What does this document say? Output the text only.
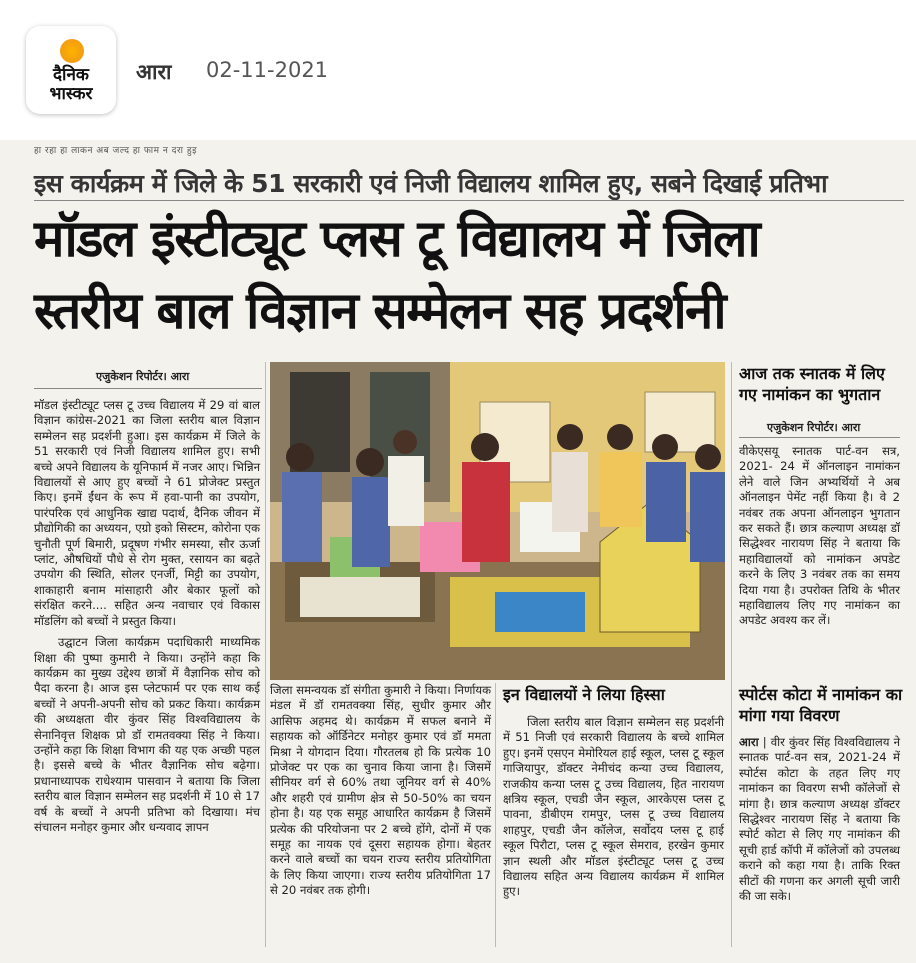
दैनिक
भास्कर
आरा 02-11-2021
हा रहा हा लाकन अब जल्द हा फाम न दरा हुइ
इस कार्यक्रम में जिले के 51 सरकारी एवं निजी विद्यालय शामिल हुए, सबने दिखाई प्रतिभा
मॉडल इंस्टीट्यूट प्लस टू विद्यालय में जिला
स्तरीय बाल विज्ञान सम्मेलन सह प्रदर्शनी
एजुकेशन रिपोर्टर। आरा

मॉडल इंस्टीट्यूट प्लस टू उच्च विद्यालय में 29 वां बाल विज्ञान कांग्रेस-2021 का जिला स्तरीय बाल विज्ञान सम्मेलन सह प्रदर्शनी हुआ। इस कार्यक्रम में जिले के 51 सरकारी एवं निजी विद्यालय शामिल हुए। सभी बच्चे अपने विद्यालय के यूनिफार्म में नजर आए। भिन्निन विद्यालयों से आए हुए बच्चों ने 61 प्रोजेक्ट प्रस्तुत किए। इनमें ईंधन के रूप में हवा-पानी का उपयोग, पारंपरिक एवं आधुनिक खाद्य पदार्थ, दैनिक जीवन में प्रौद्योगिकी का अध्ययन, एग्रो इको सिस्टम, कोरोना एक चुनौती पूर्ण बिमारी, प्रदूषण गंभीर समस्या, सौर ऊर्जा प्लांट, औषधियों पौधे से रोग मुक्त, रसायन का बढ़ते उपयोग की स्थिति, सोलर एनर्जी, मिट्टी का उपयोग, शाकाहारी बनाम मांसाहारी और बेकार फूलों को संरक्षित करने.... सहित अन्य नवाचार एवं विकास मॉडलिंग को बच्चों ने प्रस्तुत किया।

उद्घाटन जिला कार्यक्रम पदाधिकारी माध्यमिक शिक्षा की पुष्पा कुमारी ने किया। उन्होंने कहा कि कार्यक्रम का मुख्य उद्देश्य छात्रों में वैज्ञानिक सोच को पैदा करना है। आज इस प्लेटफार्म पर एक साथ कई बच्चों ने अपनी-अपनी सोच को प्रकट किया। कार्यक्रम की अध्यक्षता वीर कुंवर सिंह विश्वविद्यालय के सेनानिवृत्त शिक्षक प्रो डॉ रामतवक्या सिंह ने किया। उन्होंने कहा कि शिक्षा विभाग की यह एक अच्छी पहल है। इससे बच्चे के भीतर वैज्ञानिक सोच बढ़ेगा। प्रधानाध्यापक राधेश्याम पासवान ने बताया कि जिला स्तरीय बाल विज्ञान सम्मेलन सह प्रदर्शनी में 10 से 17 वर्ष के बच्चों ने अपनी प्रतिभा को दिखाया। मंच संचालन मनोहर कुमार और धन्यवाद ज्ञापन

जिला समन्वयक डॉ संगीता कुमारी ने किया। निर्णायक मंडल में डॉ रामतवक्या सिंह, सुधीर कुमार और आसिफ अहमद थे। कार्यक्रम में सफल बनाने में सहायक को ऑर्डिनेटर मनोहर कुमार एवं डॉ ममता मिश्रा ने योगदान दिया। गौरतलब हो कि प्रत्येक 10 प्रोजेक्ट पर एक का चुनाव किया जाना है। जिसमें सीनियर वर्ग से 60% तथा जूनियर वर्ग से 40% और शहरी एवं ग्रामीण क्षेत्र से 50-50% का चयन होना है। यह एक समूह आधारित कार्यक्रम है जिसमें प्रत्येक की परियोजना पर 2 बच्चे होंगे, दोनों में एक समूह का नायक एवं दूसरा सहायक होगा। बेहतर करने वाले बच्चों का चयन राज्य स्तरीय प्रतियोगिता के लिए किया जाएगा। राज्य स्तरीय प्रतियोगिता 17 से 20 नवंबर तक होगी।

इन विद्यालयों ने लिया हिस्सा

जिला स्तरीय बाल विज्ञान सम्मेलन सह प्रदर्शनी में 51 निजी एवं सरकारी विद्यालय के बच्चे शामिल हुए। इनमें एसएन मेमोरियल हाई स्कूल, प्लस टू स्कूल गाजियापुर, डॉक्टर नेमीचंद कन्या उच्च विद्यालय, राजकीय कन्या प्लस टू उच्च विद्यालय, हित नारायण क्षत्रिय स्कूल, एचडी जैन स्कूल, आरकेएस प्लस टू पावना, डीबीएम रामपुर, प्लस टू उच्च विद्यालय शाहपुर, एचडी जैन कॉलेज, सर्वोदय प्लस टू हाई स्कूल पिरौटा, प्लस टू स्कूल सेमराव, हरखेन कुमार ज्ञान स्थली और मॉडल इंस्टीट्यूट प्लस टू उच्च विद्यालय सहित अन्य विद्यालय कार्यक्रम में शामिल हुए।

आज तक स्नातक में लिए गए नामांकन का भुगतान
एजुकेशन रिपोर्टर। आरा

वीकेएसयू स्नातक पार्ट-वन सत्र, 2021- 24 में ऑनलाइन नामांकन लेने वाले जिन अभ्यर्थियों ने अब ऑनलाइन पेमेंट नहीं किया है। वे 2 नवंबर तक अपना ऑनलाइन भुगतान कर सकते हैं। छात्र कल्याण अध्यक्ष डॉ सिद्धेश्वर नारायण सिंह ने बताया कि महाविद्यालयों को नामांकन अपडेट करने के लिए 3 नवंबर तक का समय दिया गया है। उपरोक्त तिथि के भीतर महाविद्यालय लिए गए नामांकन का अपडेट अवश्य कर लें।

स्पोर्टस कोटा में नामांकन का मांगा गया विवरण

आरा | वीर कुंवर सिंह विश्वविद्यालय ने स्नातक पार्ट-वन सत्र, 2021-24 में स्पोर्टस कोटा के तहत लिए गए नामांकन का विवरण सभी कॉलेजों से मांगा है। छात्र कल्याण अध्यक्ष डॉक्टर सिद्धेश्वर नारायण सिंह ने बताया कि स्पोर्ट कोटा से लिए गए नामांकन की सूची हार्ड कॉपी में कॉलेजों को उपलब्ध कराने को कहा गया है। ताकि रिक्त सीटों की गणना कर अगली सूची जारी की जा सके।
